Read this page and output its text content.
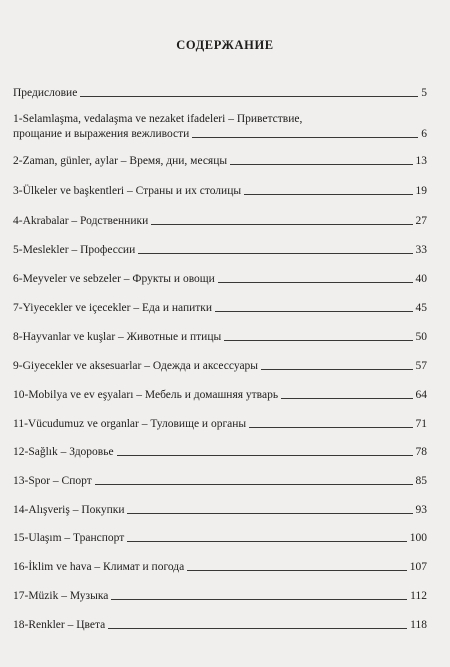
СОДЕРЖАНИЕ
Предисловие	5
1-Selamlaşma, vedalaşma ve nezaket ifadeleri – Приветствие,
прощание и выражения вежливости	6
2-Zaman, günler, aylar – Время, дни, месяцы	13
3-Ülkeler ve başkentleri – Страны и их столицы	19
4-Akrabalar – Родственники	27
5-Meslekler – Профессии	33
6-Meyveler ve sebzeler – Фрукты и овощи	40
7-Yiyecekler ve içecekler – Еда и напитки	45
8-Hayvanlar ve kuşlar – Животные и птицы	50
9-Giyecekler ve aksesuarlar – Одежда и аксессуары	57
10-Mobilya ve ev eşyaları – Мебель и домашняя утварь	64
11-Vücudumuz ve organlar – Туловище и органы	71
12-Sağlık – Здоровье	78
13-Spor – Спорт	85
14-Alışveriş – Покупки	93
15-Ulaşım – Транспорт	100
16-İklim ve hava – Климат и погода	107
17-Müzik – Музыка	112
18-Renkler – Цвета	118
